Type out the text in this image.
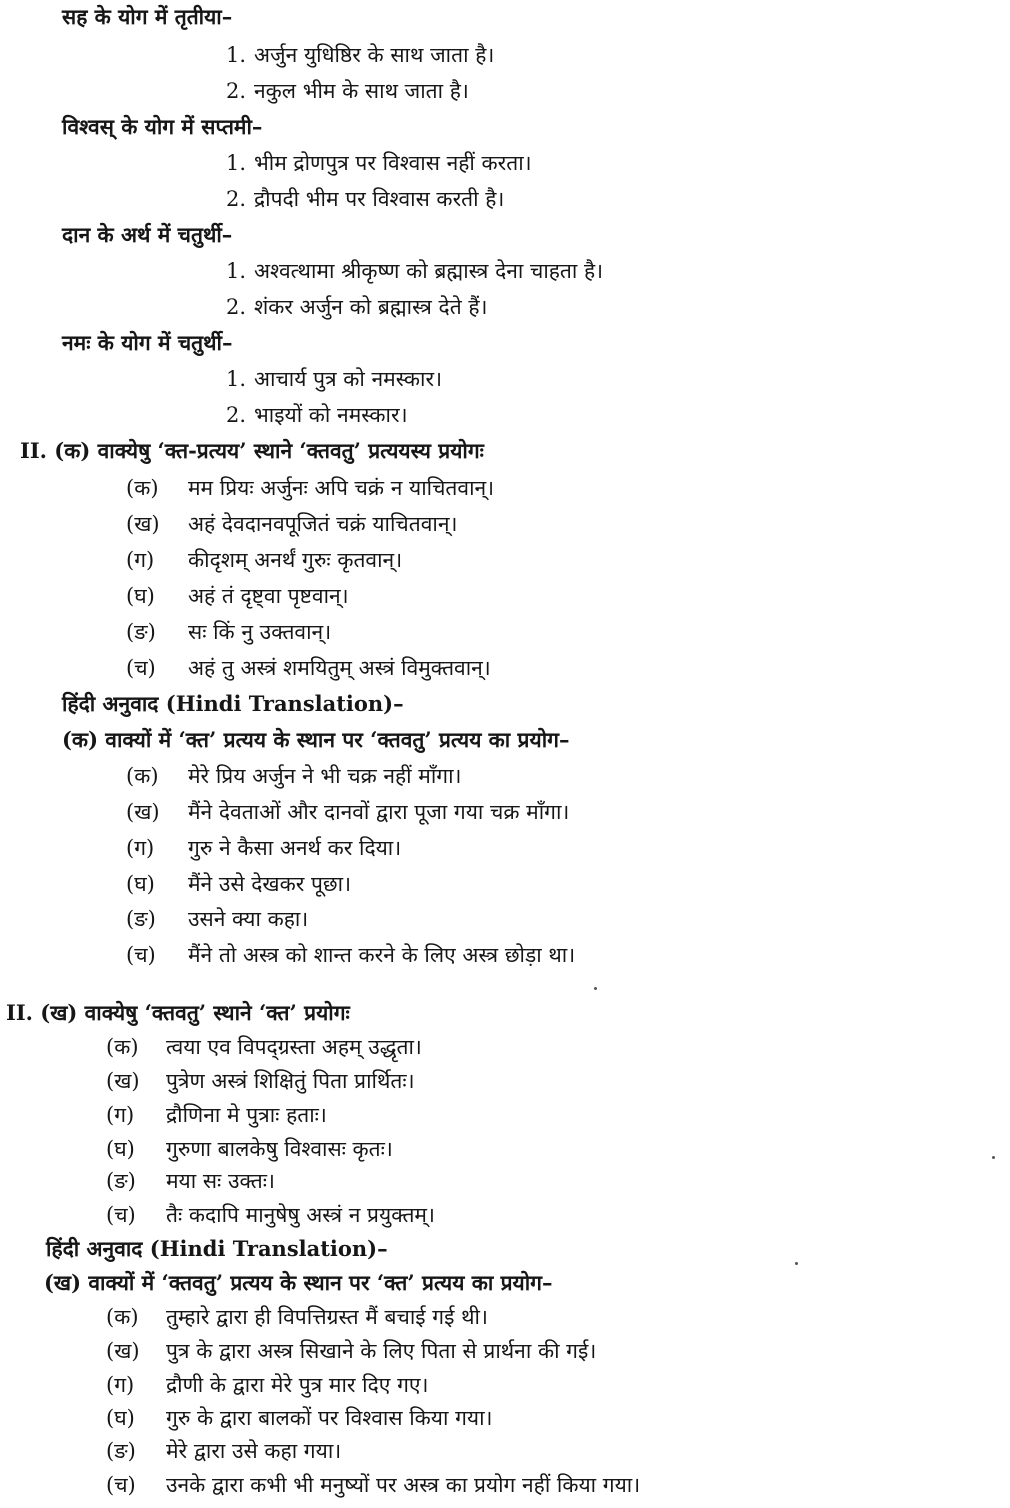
सह के योग में तृतीया–
1. अर्जुन युधिष्ठिर के साथ जाता है।
2. नकुल भीम के साथ जाता है।
विश्वस् के योग में सप्तमी–
1. भीम द्रोणपुत्र पर विश्वास नहीं करता।
2. द्रौपदी भीम पर विश्वास करती है।
दान के अर्थ में चतुर्थी–
1. अश्वत्थामा श्रीकृष्ण को ब्रह्मास्त्र देना चाहता है।
2. शंकर अर्जुन को ब्रह्मास्त्र देते हैं।
नमः के योग में चतुर्थी–
1. आचार्य पुत्र को नमस्कार।
2. भाइयों को नमस्कार।
II. (क) वाक्येषु ‘क्त-प्रत्यय’ स्थाने ‘क्तवतु’ प्रत्ययस्य प्रयोगः
(क)	मम प्रियः अर्जुनः अपि चक्रं न याचितवान्।
(ख)	अहं देवदानवपूजितं चक्रं याचितवान्।
(ग)	कीदृशम् अनर्थं गुरुः कृतवान्।
(घ)	अहं तं दृष्ट्वा पृष्टवान्।
(ङ)	सः किं नु उक्तवान्।
(च)	अहं तु अस्त्रं शमयितुम् अस्त्रं विमुक्तवान्।
हिंदी अनुवाद (Hindi Translation)–
(क) वाक्यों में ‘क्त’ प्रत्यय के स्थान पर ‘क्तवतु’ प्रत्यय का प्रयोग–
(क)	मेरे प्रिय अर्जुन ने भी चक्र नहीं माँगा।
(ख)	मैंने देवताओं और दानवों द्वारा पूजा गया चक्र माँगा।
(ग)	गुरु ने कैसा अनर्थ कर दिया।
(घ)	मैंने उसे देखकर पूछा।
(ङ)	उसने क्या कहा।
(च)	मैंने तो अस्त्र को शान्त करने के लिए अस्त्र छोड़ा था।
II. (ख) वाक्येषु ‘क्तवतु’ स्थाने ‘क्त’ प्रयोगः
(क)	त्वया एव विपद्ग्रस्ता अहम् उद्धृता।
(ख)	पुत्रेण अस्त्रं शिक्षितुं पिता प्रार्थितः।
(ग)	द्रौणिना मे पुत्राः हताः।
(घ)	गुरुणा बालकेषु विश्वासः कृतः।
(ङ)	मया सः उक्तः।
(च)	तैः कदापि मानुषेषु अस्त्रं न प्रयुक्तम्।
हिंदी अनुवाद (Hindi Translation)–
(ख) वाक्यों में ‘क्तवतु’ प्रत्यय के स्थान पर ‘क्त’ प्रत्यय का प्रयोग–
(क)	तुम्हारे द्वारा ही विपत्तिग्रस्त मैं बचाई गई थी।
(ख)	पुत्र के द्वारा अस्त्र सिखाने के लिए पिता से प्रार्थना की गई।
(ग)	द्रौणी के द्वारा मेरे पुत्र मार दिए गए।
(घ)	गुरु के द्वारा बालकों पर विश्वास किया गया।
(ङ)	मेरे द्वारा उसे कहा गया।
(च)	उनके द्वारा कभी भी मनुष्यों पर अस्त्र का प्रयोग नहीं किया गया।
